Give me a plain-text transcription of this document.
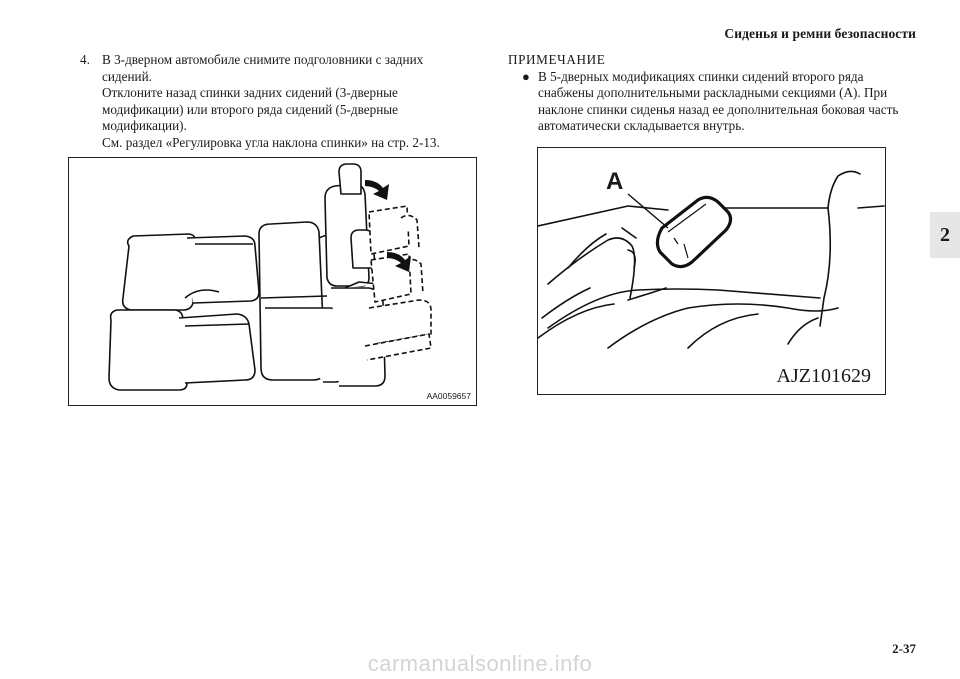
Сиденья и ремни безопасности
2
4. В 3-дверном автомобиле снимите подголовники с задних

сидений.

Отклоните назад спинки задних сидений (3-дверные

модификации) или второго ряда сидений (5-дверные

модификации).

См. раздел «Регулировка угла наклона спинки» на стр. 2-13.

ПРИМЕЧАНИЕ
● В 5-дверных модификациях спинки сидений второго ряда
снабжены дополнительными раскладными секциями (A). При
наклоне спинки сиденья назад ее дополнительная боковая часть
автоматически складывается внутрь.
AA0059657
A
AJZ101629
2-37
carmanualsonline.info
